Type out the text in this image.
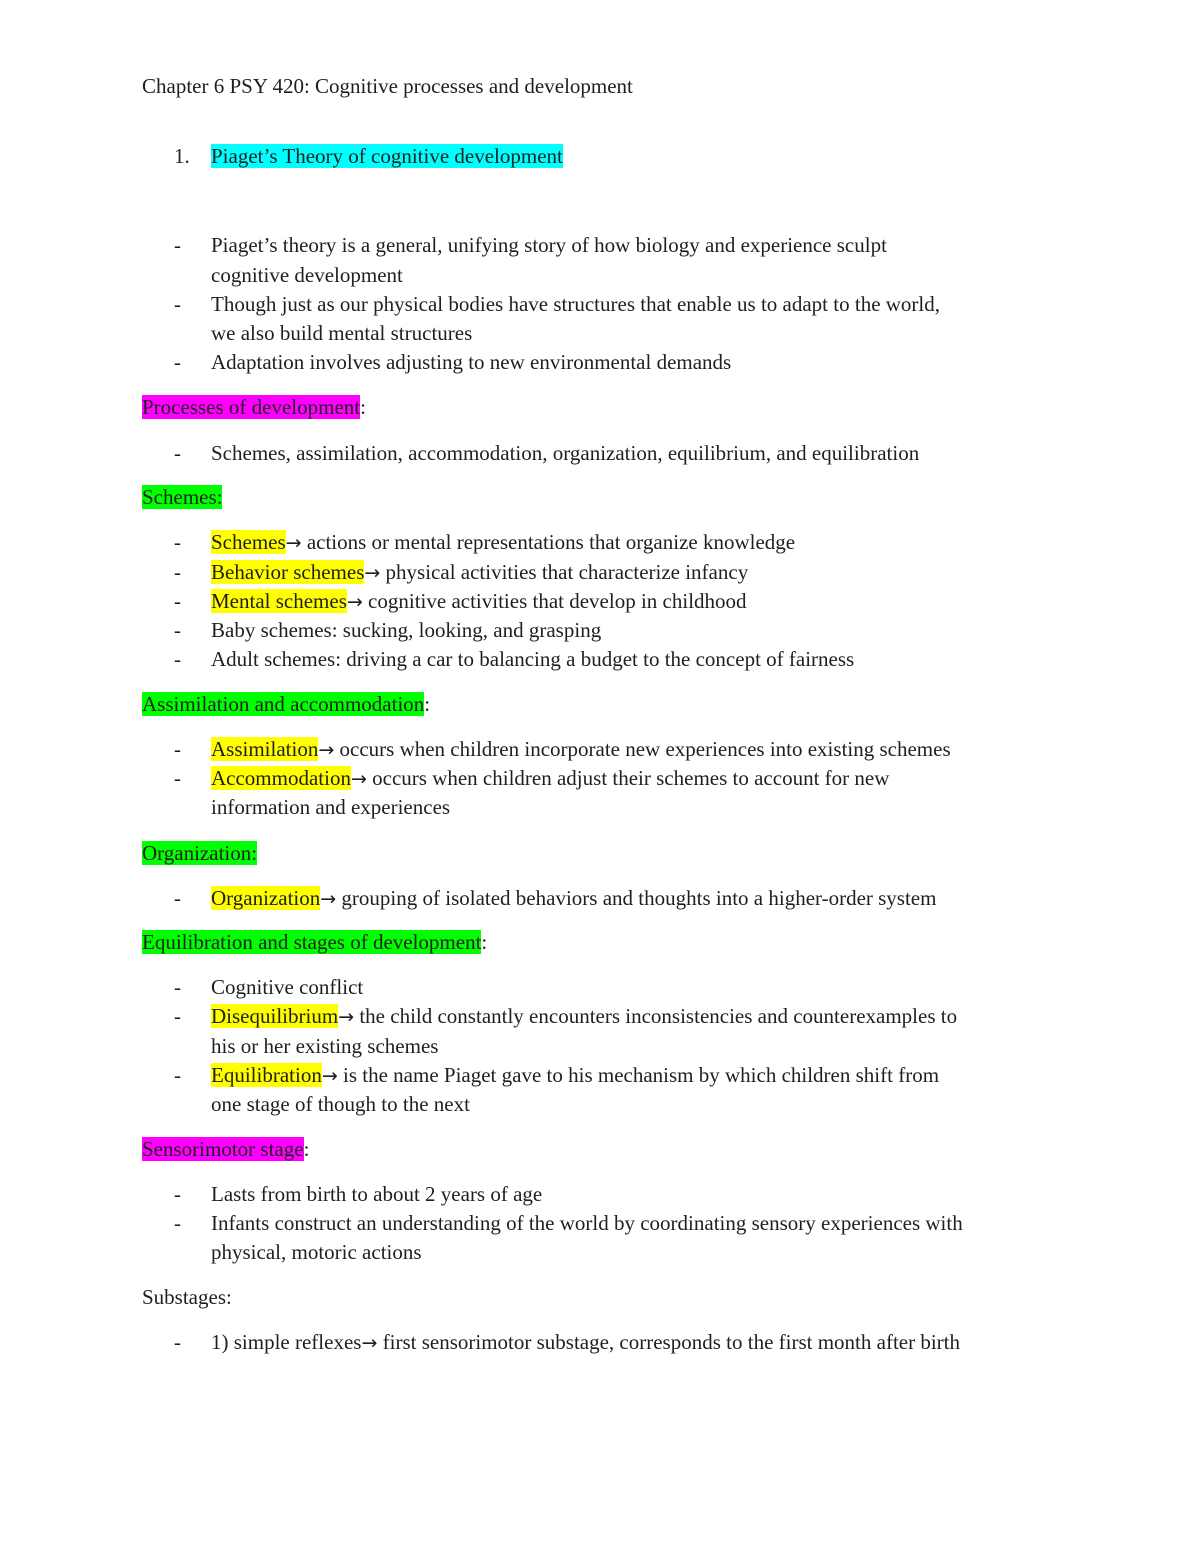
Chapter 6 PSY 420: Cognitive processes and development
1. Piaget’s Theory of cognitive development
- Piaget’s theory is a general, unifying story of how biology and experience sculpt
cognitive development
- Though just as our physical bodies have structures that enable us to adapt to the world,
we also build mental structures
- Adaptation involves adjusting to new environmental demands
Processes of development:
- Schemes, assimilation, accommodation, organization, equilibrium, and equilibration
Schemes:
- Schemes→ actions or mental representations that organize knowledge
- Behavior schemes→ physical activities that characterize infancy
- Mental schemes→ cognitive activities that develop in childhood
- Baby schemes: sucking, looking, and grasping
- Adult schemes: driving a car to balancing a budget to the concept of fairness
Assimilation and accommodation:
- Assimilation→ occurs when children incorporate new experiences into existing schemes
- Accommodation→ occurs when children adjust their schemes to account for new
information and experiences
Organization:
- Organization→ grouping of isolated behaviors and thoughts into a higher-order system
Equilibration and stages of development:
- Cognitive conflict
- Disequilibrium→ the child constantly encounters inconsistencies and counterexamples to
his or her existing schemes
- Equilibration→ is the name Piaget gave to his mechanism by which children shift from
one stage of though to the next
Sensorimotor stage:
- Lasts from birth to about 2 years of age
- Infants construct an understanding of the world by coordinating sensory experiences with
physical, motoric actions
Substages:
- 1) simple reflexes→ first sensorimotor substage, corresponds to the first month after birth
